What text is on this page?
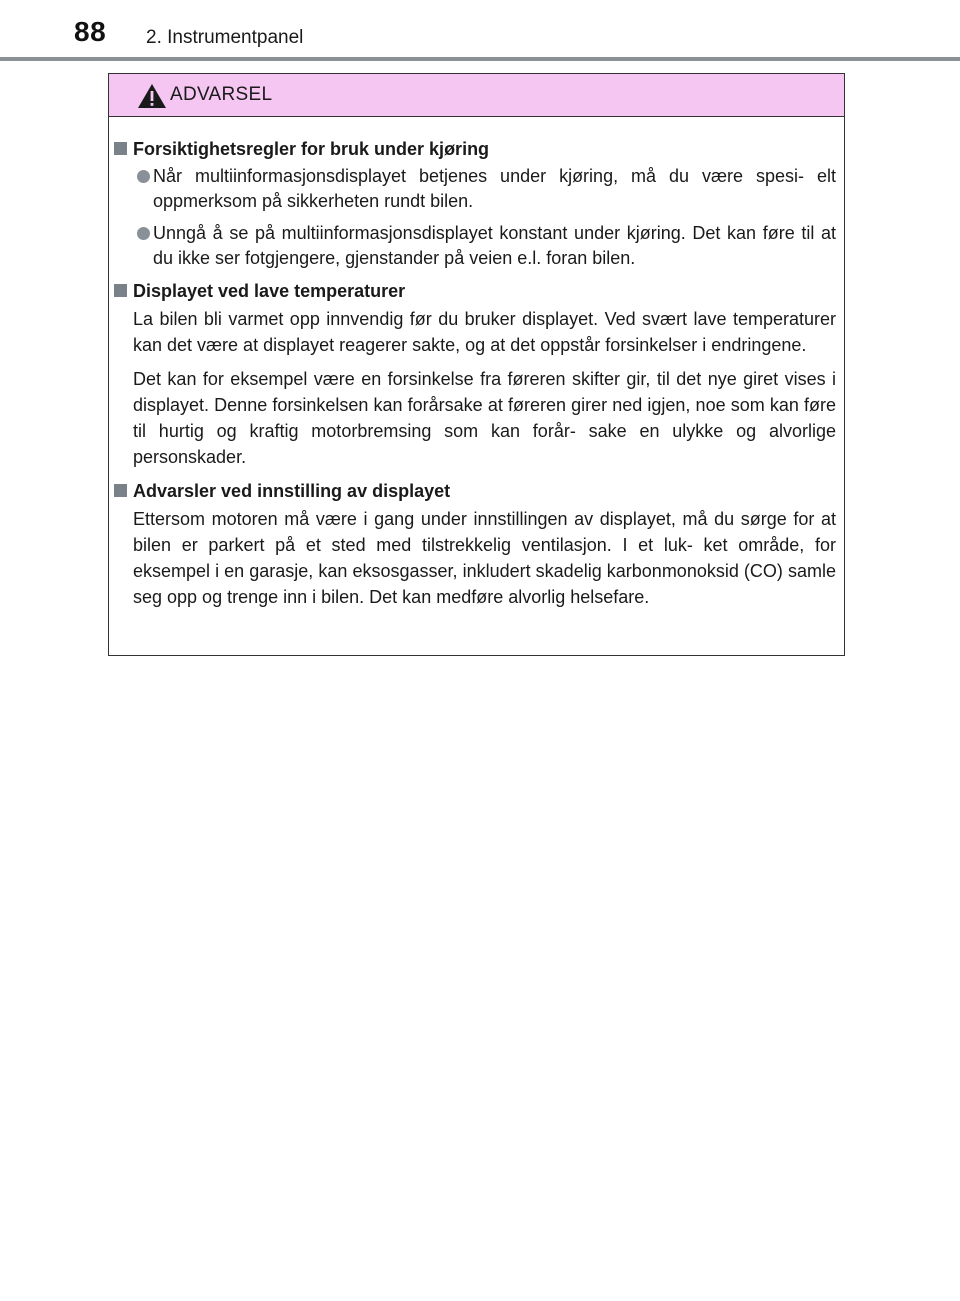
88 2. Instrumentpanel
ADVARSEL
Forsiktighetsregler for bruk under kjøring
Når multiinformasjonsdisplayet betjenes under kjøring, må du være spesi- elt oppmerksom på sikkerheten rundt bilen.
Unngå å se på multiinformasjonsdisplayet konstant under kjøring. Det kan føre til at du ikke ser fotgjengere, gjenstander på veien e.l. foran bilen.
Displayet ved lave temperaturer
La bilen bli varmet opp innvendig før du bruker displayet. Ved svært lave temperaturer kan det være at displayet reagerer sakte, og at det oppstår forsinkelser i endringene.
Det kan for eksempel være en forsinkelse fra føreren skifter gir, til det nye giret vises i displayet. Denne forsinkelsen kan forårsake at føreren girer ned igjen, noe som kan føre til hurtig og kraftig motorbremsing som kan forår- sake en ulykke og alvorlige personskader.
Advarsler ved innstilling av displayet
Ettersom motoren må være i gang under innstillingen av displayet, må du sørge for at bilen er parkert på et sted med tilstrekkelig ventilasjon. I et luk- ket område, for eksempel i en garasje, kan eksosgasser, inkludert skadelig karbonmonoksid (CO) samle seg opp og trenge inn i bilen. Det kan medføre alvorlig helsefare.
